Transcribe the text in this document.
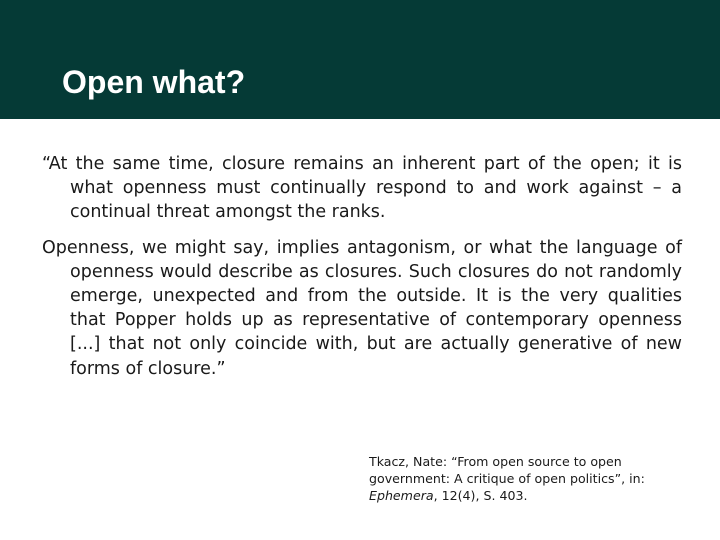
Open what?

“At the same time, closure remains an inherent part of the open; it is what openness must continually respond to and work against – a continual threat amongst the ranks.

Openness, we might say, implies antagonism, or what the language of openness would describe as closures. Such closures do not randomly emerge, unexpected and from the outside. It is the very qualities that Popper holds up as representative of contemporary openness [...] that not only coincide with, but are actually generative of new forms of closure.”

Tkacz, Nate: “From open source to open
government: A critique of open politics”, in:
Ephemera, 12(4), S. 403.
